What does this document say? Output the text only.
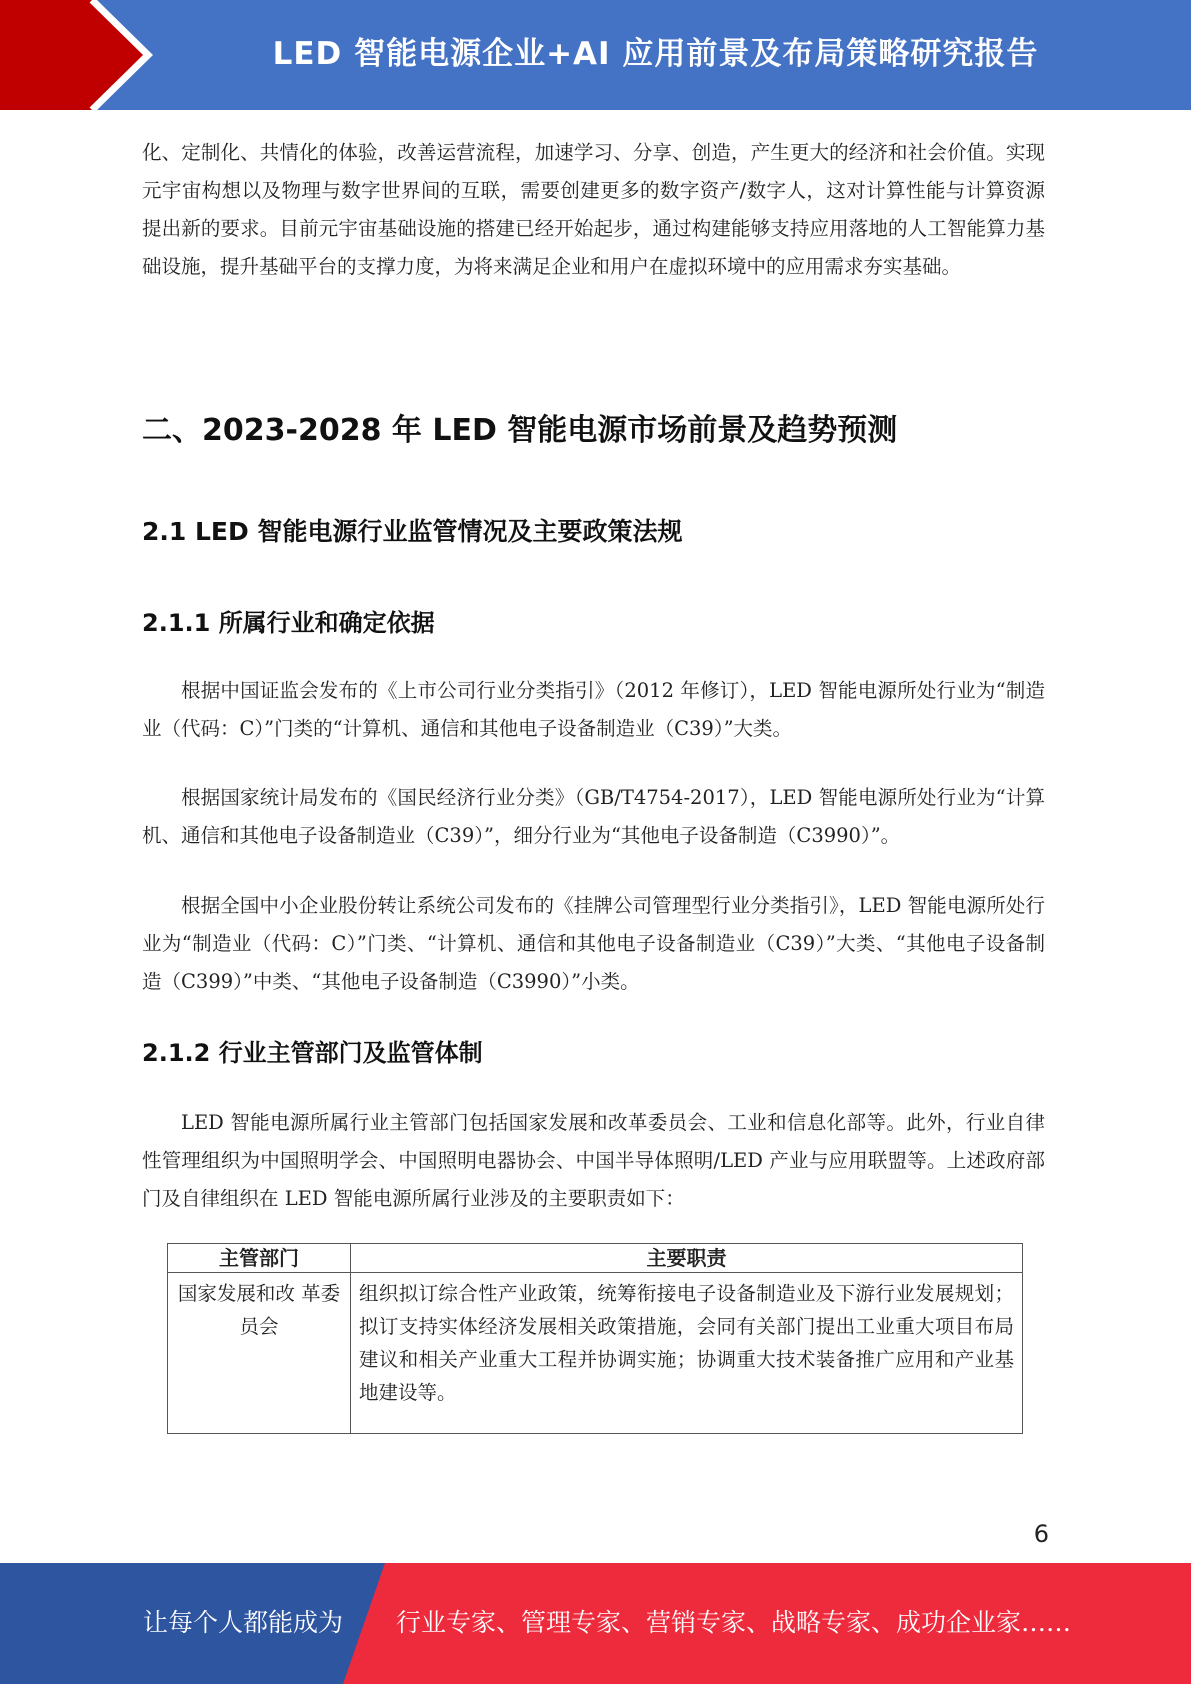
LED 智能电源企业+AI 应用前景及布局策略研究报告

化、定制化、共情化的体验，改善运营流程，加速学习、分享、创造，产生更大的经济和社会价值。实现元宇宙构想以及物理与数字世界间的互联，需要创建更多的数字资产/数字人，这对计算性能与计算资源提出新的要求。目前元宇宙基础设施的搭建已经开始起步，通过构建能够支持应用落地的人工智能算力基础设施，提升基础平台的支撑力度，为将来满足企业和用户在虚拟环境中的应用需求夯实基础。

二、2023-2028 年 LED 智能电源市场前景及趋势预测
2.1 LED 智能电源行业监管情况及主要政策法规
2.1.1 所属行业和确定依据

根据中国证监会发布的《上市公司行业分类指引》（2012 年修订），LED 智能电源所处行业为“制造业（代码：C）”门类的“计算机、通信和其他电子设备制造业（C39）”大类。

根据国家统计局发布的《国民经济行业分类》（GB/T4754-2017），LED 智能电源所处行业为“计算机、通信和其他电子设备制造业（C39）”，细分行业为“其他电子设备制造（C3990）”。

根据全国中小企业股份转让系统公司发布的《挂牌公司管理型行业分类指引》，LED 智能电源所处行业为“制造业（代码：C）”门类、“计算机、通信和其他电子设备制造业（C39）”大类、“其他电子设备制造（C399）”中类、“其他电子设备制造（C3990）”小类。

2.1.2 行业主管部门及监管体制

LED 智能电源所属行业主管部门包括国家发展和改革委员会、工业和信息化部等。此外，行业自律性管理组织为中国照明学会、中国照明电器协会、中国半导体照明/LED 产业与应用联盟等。上述政府部门及自律组织在 LED 智能电源所属行业涉及的主要职责如下：

主管部门	主要职责
国家发展和改 革委员会	组织拟订综合性产业政策，统筹衔接电子设备制造业及下游行业发展规划；拟订支持实体经济发展相关政策措施，会同有关部门提出工业重大项目布局建议和相关产业重大工程并协调实施；协调重大技术装备推广应用和产业基地建设等。
6
让每个人都能成为 行业专家、管理专家、营销专家、战略专家、成功企业家……
